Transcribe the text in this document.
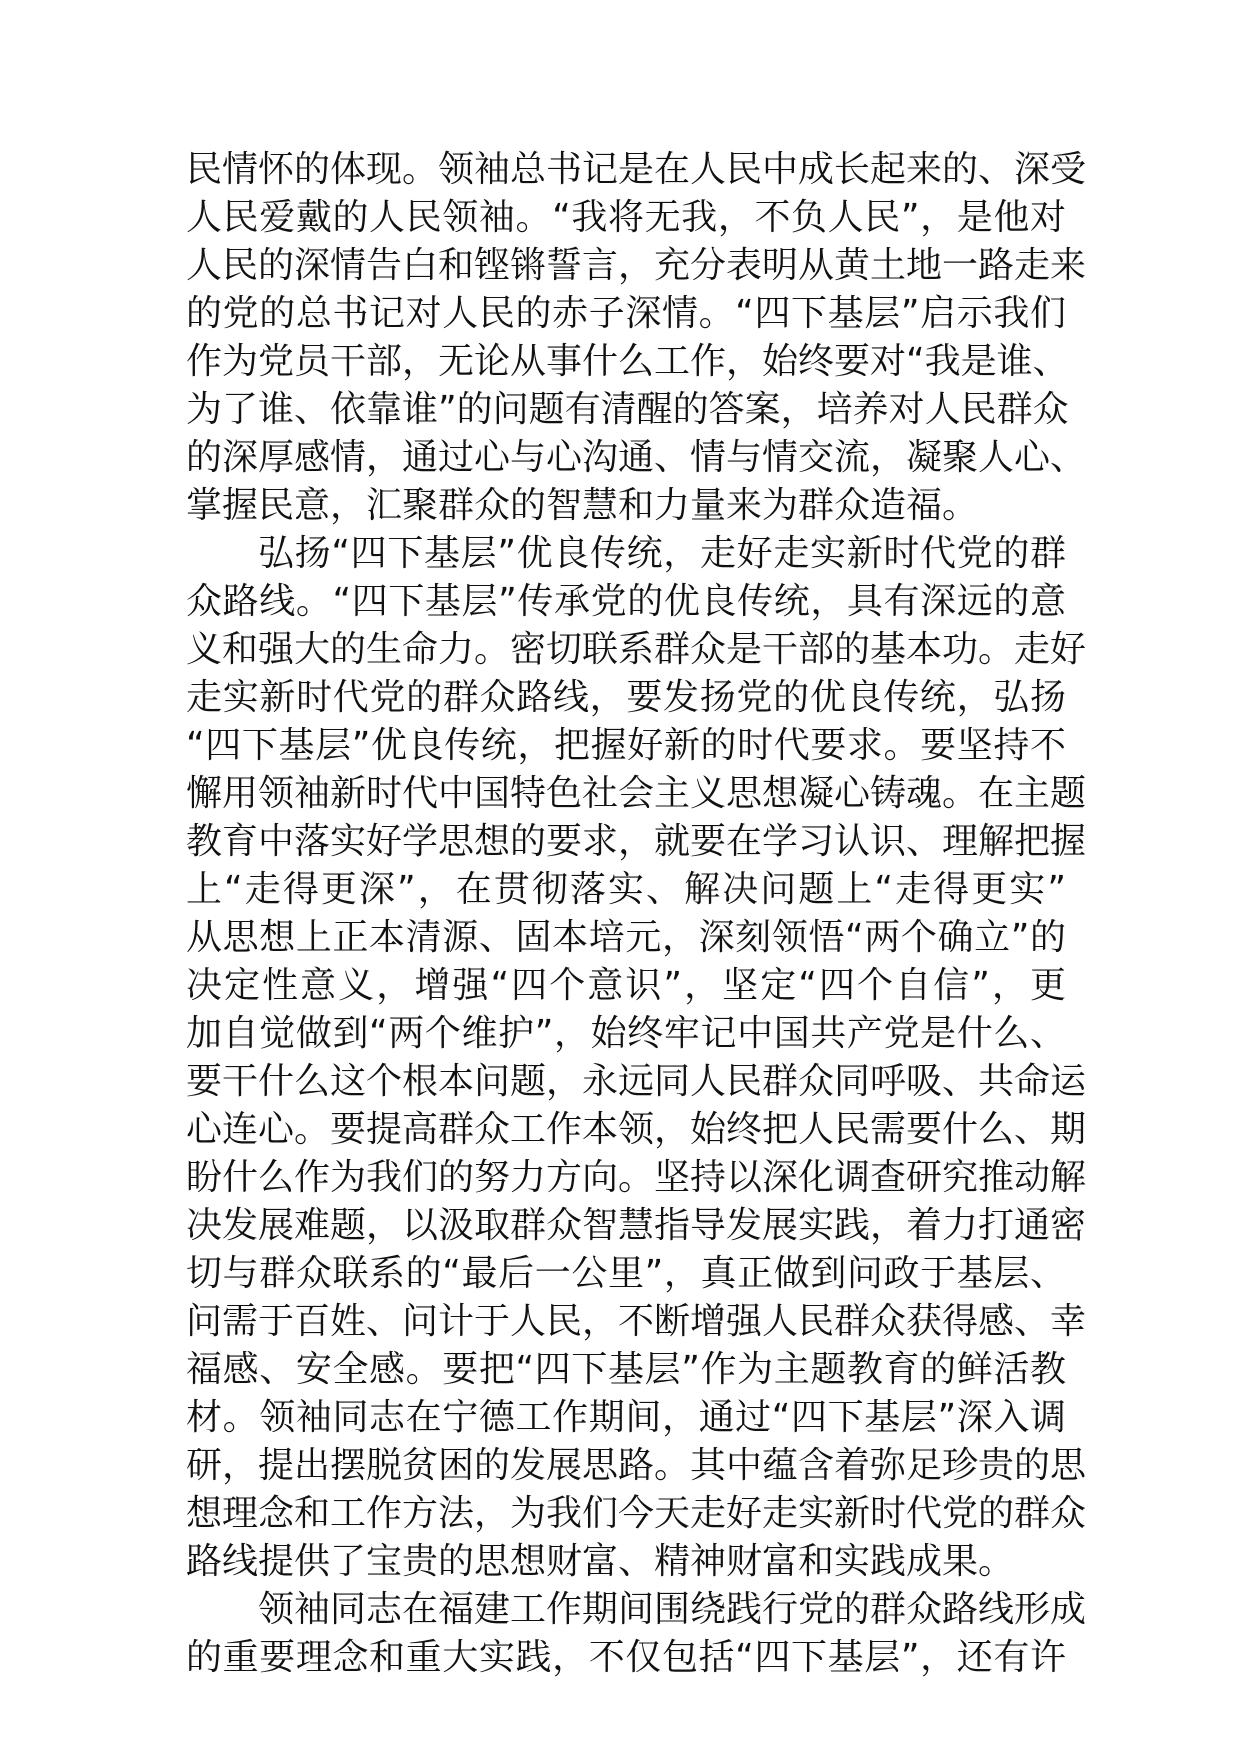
民情怀的体现。领袖总书记是在人民中成长起来的、深受
人民爱戴的人民领袖。“我将无我，不负人民”，是他对
人民的深情告白和铿锵誓言，充分表明从黄土地一路走来
的党的总书记对人民的赤子深情。“四下基层”启示我们
作为党员干部，无论从事什么工作，始终要对“我是谁、
为了谁、依靠谁”的问题有清醒的答案，培养对人民群众
的深厚感情，通过心与心沟通、情与情交流，凝聚人心、
掌握民意，汇聚群众的智慧和力量来为群众造福。
弘扬“四下基层”优良传统，走好走实新时代党的群
众路线。“四下基层”传承党的优良传统，具有深远的意
义和强大的生命力。密切联系群众是干部的基本功。走好
走实新时代党的群众路线，要发扬党的优良传统，弘扬
“四下基层”优良传统，把握好新的时代要求。要坚持不
懈用领袖新时代中国特色社会主义思想凝心铸魂。在主题
教育中落实好学思想的要求，就要在学习认识、理解把握
上“走得更深”，在贯彻落实、解决问题上“走得更实”
从思想上正本清源、固本培元，深刻领悟“两个确立”的
决定性意义，增强“四个意识”，坚定“四个自信”，更
加自觉做到“两个维护”，始终牢记中国共产党是什么、
要干什么这个根本问题，永远同人民群众同呼吸、共命运
心连心。要提高群众工作本领，始终把人民需要什么、期
盼什么作为我们的努力方向。坚持以深化调查研究推动解
决发展难题，以汲取群众智慧指导发展实践，着力打通密
切与群众联系的“最后一公里”，真正做到问政于基层、
问需于百姓、问计于人民，不断增强人民群众获得感、幸
福感、安全感。要把“四下基层”作为主题教育的鲜活教
材。领袖同志在宁德工作期间，通过“四下基层”深入调
研，提出摆脱贫困的发展思路。其中蕴含着弥足珍贵的思
想理念和工作方法，为我们今天走好走实新时代党的群众
路线提供了宝贵的思想财富、精神财富和实践成果。
领袖同志在福建工作期间围绕践行党的群众路线形成
的重要理念和重大实践，不仅包括“四下基层”，还有许
